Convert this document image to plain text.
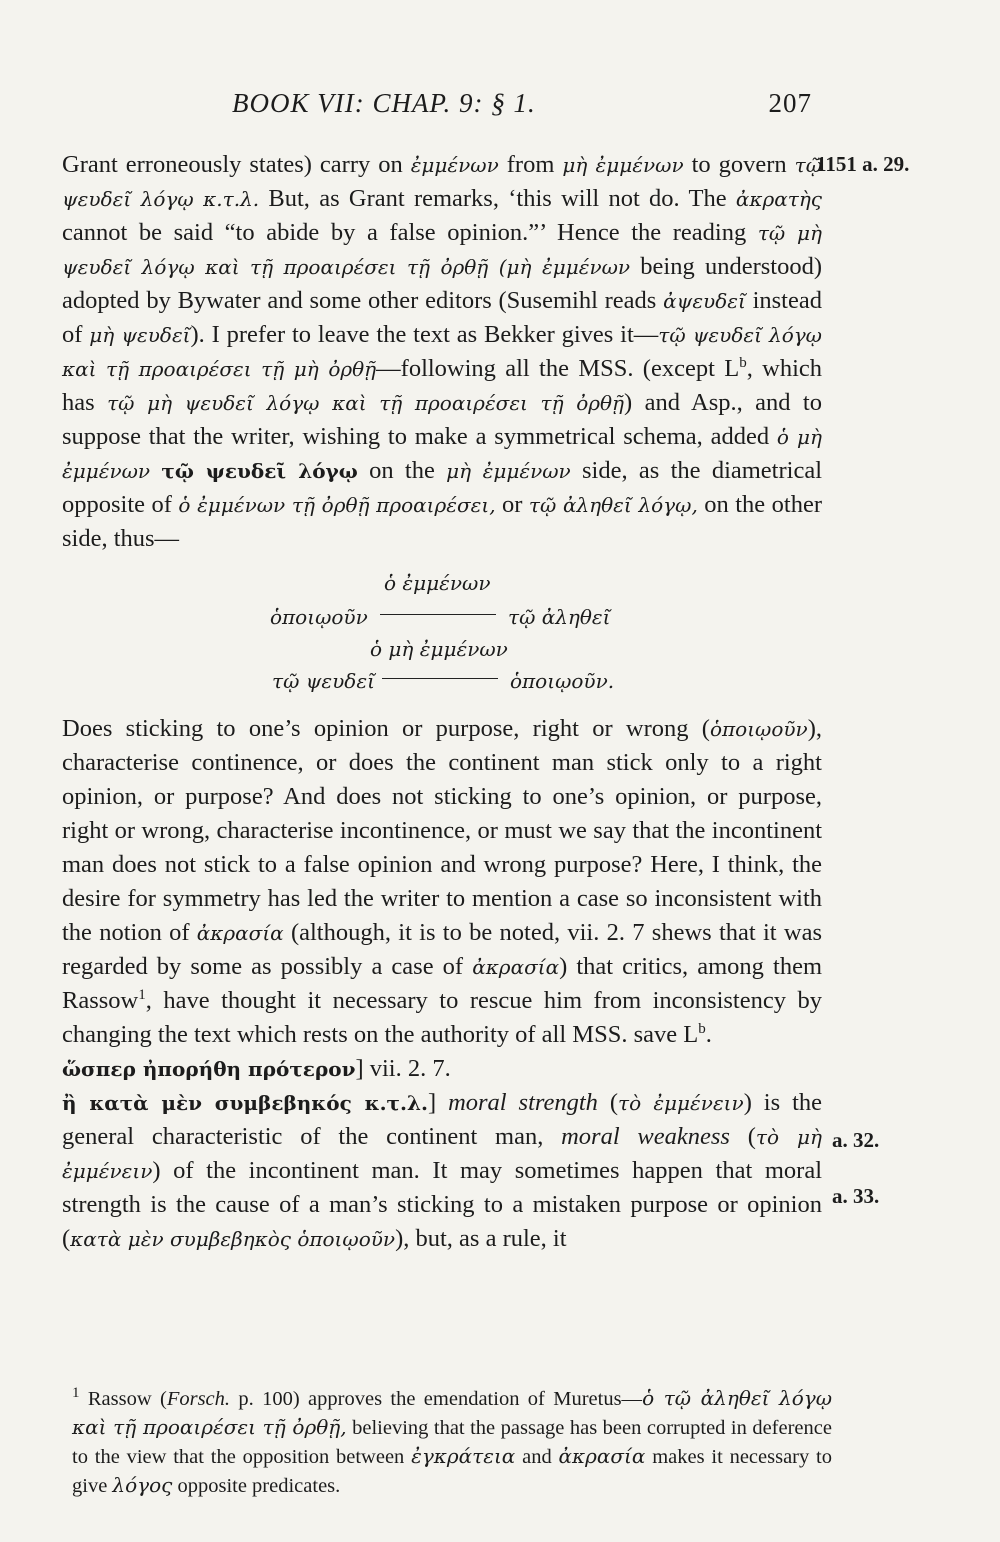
BOOK VII: CHAP. 9: § 1.	207
1151 a. 29.
a. 32.
a. 33.

Grant erroneously states) carry on ἐμμένων from μὴ ἐμμένων to govern τῷ ψευδεῖ λόγῳ κ.τ.λ. But, as Grant remarks, ‘this will not do. The ἀκρατὴς cannot be said “to abide by a false opinion.”’ Hence the reading τῷ μὴ ψευδεῖ λόγῳ καὶ τῇ προαιρέσει τῇ ὀρθῇ (μὴ ἐμμένων being understood) adopted by Bywater and some other editors (Susemihl reads ἀψευδεῖ instead of μὴ ψευδεῖ). I prefer to leave the text as Bekker gives it—τῷ ψευδεῖ λόγῳ καὶ τῇ προαιρέσει τῇ μὴ ὀρθῇ—following all the MSS. (except $L^b$, which has τῷ μὴ ψευδεῖ λόγῳ καὶ τῇ προαιρέσει τῇ ὀρθῇ) and Asp., and to suppose that the writer, wishing to make a symmetrical schema, added ὁ μὴ ἐμμένων τῷ ψευδεῖ λόγῳ on the μὴ ἐμμένων side, as the diametrical opposite of ὁ ἐμμένων τῇ ὀρθῇ προαιρέσει, or τῷ ἀληθεῖ λόγῳ, on the other side, thus—

ὁ ἐμμένων
ὁποιῳοῦν	τῷ ἀληθεῖ
ὁ μὴ ἐμμένων
τῷ ψευδεῖ	ὁποιῳοῦν.

Does sticking to one’s opinion or purpose, right or wrong (ὁποιῳοῦν), characterise continence, or does the continent man stick only to a right opinion, or purpose? And does not sticking to one’s opinion, or purpose, right or wrong, characterise incontinence, or must we say that the incontinent man does not stick to a false opinion and wrong purpose? Here, I think, the desire for symmetry has led the writer to mention a case so inconsistent with the notion of ἀκρασία (although, it is to be noted, vii. 2. 7 shews that it was regarded by some as possibly a case of ἀκρασία) that critics, among them Rassow$^1$, have thought it necessary to rescue him from inconsistency by changing the text which rests on the authority of all MSS. save $L^b$.

ὥσπερ ἠπορήθη πρότερον] vii. 2. 7.

ἢ κατὰ μὲν συμβεβηκός κ.τ.λ.] moral strength (τὸ ἐμμένειν) is the general characteristic of the continent man, moral weakness (τὸ μὴ ἐμμένειν) of the incontinent man. It may sometimes happen that moral strength is the cause of a man’s sticking to a mistaken purpose or opinion (κατὰ μὲν συμβεβηκὸς ὁποιῳοῦν), but, as a rule, it

$^1$ Rassow (Forsch. p. 100) approves the emendation of Muretus—ὁ τῷ ἀληθεῖ λόγῳ καὶ τῇ προαιρέσει τῇ ὀρθῇ, believing that the passage has been corrupted in deference to the view that the opposition between ἐγκράτεια and ἀκρασία makes it necessary to give λόγος opposite predicates.
